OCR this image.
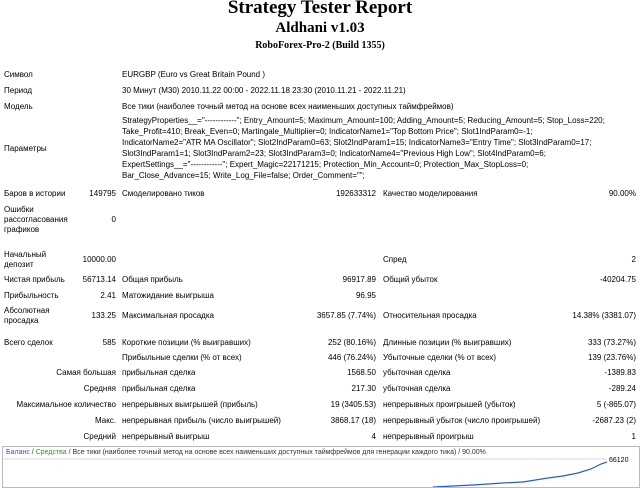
Strategy Tester Report
Aldhani v1.03
RoboForex-Pro-2 (Build 1355)
Символ	EURGBP (Euro vs Great Britain Pound )
Период	30 Минут (M30) 2010.11.22 00:00 - 2022.11.18 23:30 (2010.11.21 - 2022.11.21)
Модель	Все тики (наиболее точный метод на основе всех наименьших доступных таймфреймов)
Параметры
StrategyProperties__="------------"; Entry_Amount=5; Maximum_Amount=100; Adding_Amount=5; Reducing_Amount=5; Stop_Loss=220;
Take_Profit=410; Break_Even=0; Martingale_Multiplier=0; IndicatorName1="Top Bottom Price"; Slot1IndParam0=-1;
IndicatorName2="ATR MA Oscillator"; Slot2IndParam0=63; Slot2IndParam1=15; IndicatorName3="Entry Time"; Slot3IndParam0=17;
Slot3IndParam1=1; Slot3IndParam2=23; Slot3IndParam3=0; IndicatorName4="Previous High Low"; Slot4IndParam0=6;
ExpertSettings__="------------"; Expert_Magic=22171215; Protection_Min_Account=0; Protection_Max_StopLoss=0;
Bar_Close_Advance=15; Write_Log_File=false; Order_Comment="";
Баров в истории	149795 Смоделировано тиков	192633312 Качество моделирования	90.00%
Ошибки
рассогласования
графиков
0
Начальный
депозит
10000.00	Спред	2
Чистая прибыль	56713.14 Общая прибыль	96917.89 Общий убыток	-40204.75
Прибыльность	2.41 Матожидание выигрыша	96.95
Абсолютная
просадка
133.25 Максимальная просадка	3657.85 (7.74%) Относительная просадка	14.38% (3381.07)
Всего сделок	585 Короткие позиции (% выигравших)	252 (80.16%) Длинные позиции (% выигравших)	333 (73.27%)
Прибыльные сделки (% от всех)	446 (76.24%) Убыточные сделки (% от всех)	139 (23.76%)
Самая большая прибыльная сделка	1568.50 убыточная сделка	-1389.83
Средняя прибыльная сделка	217.30 убыточная сделка	-289.24
Максимальное количество непрерывных выигрышей (прибыль)	19 (3405.53) непрерывных проигрышей (убыток)	5 (-865.07)
Макс. непрерывная прибыль (число выигрышей)	3868.17 (18) непрерывный убыток (число проигрышей)	-2687.23 (2)
Средний непрерывный выигрыш	4 непрерывный проигрыш	1
Баланс / Средства / Все тики (наиболее точный метод на основе всех наименьших доступных таймфреймов для генерации каждого тика) / 90.00%
66120
